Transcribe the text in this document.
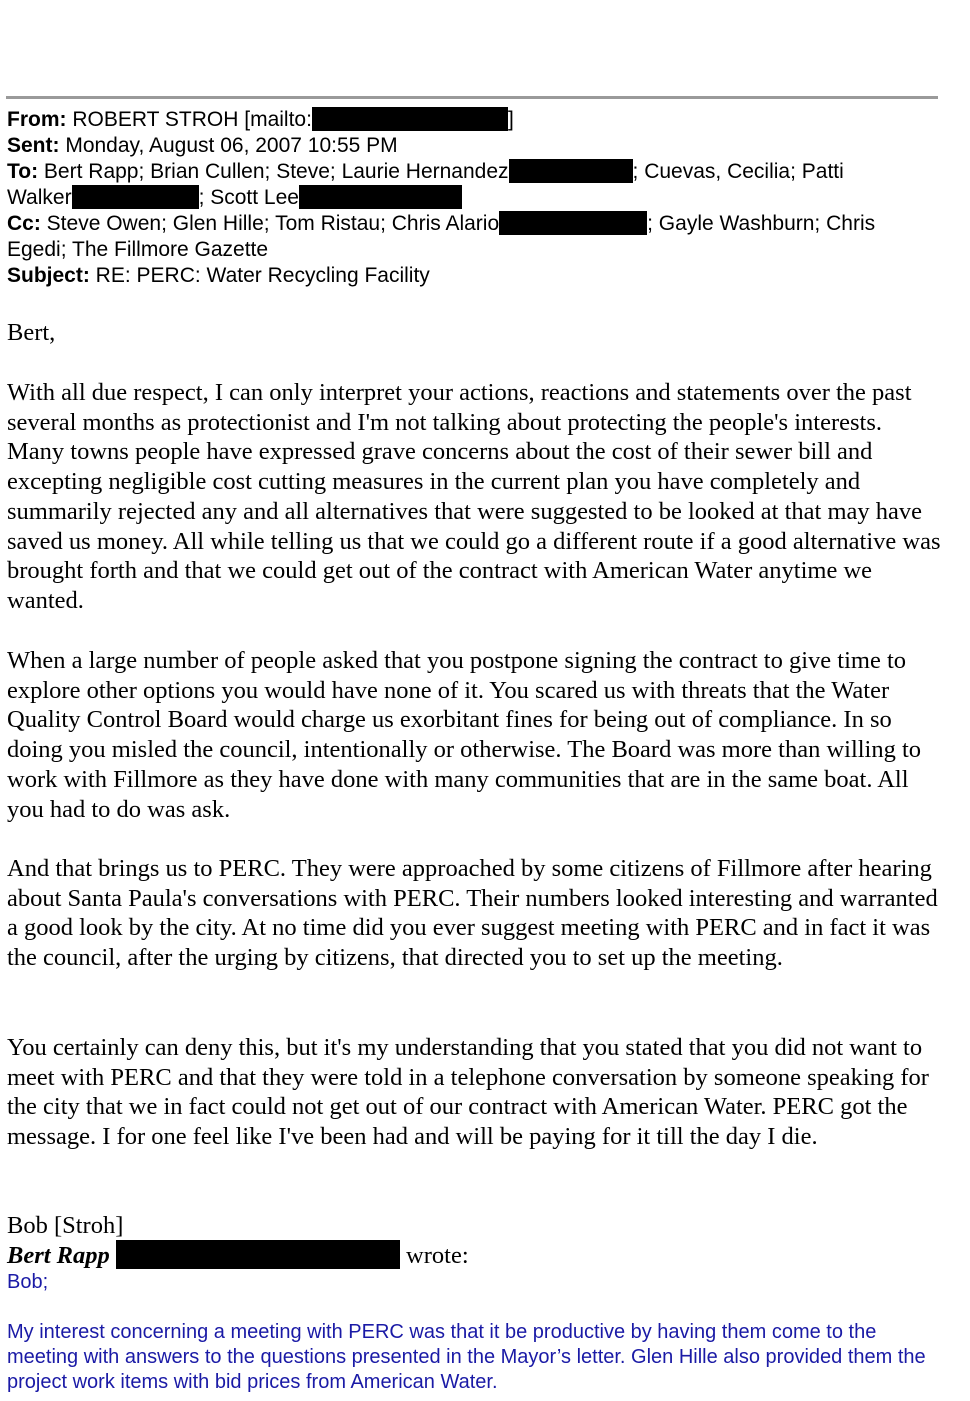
From: ROBERT STROH [mailto:	]
Sent: Monday, August 06, 2007 10:55 PM
To: Bert Rapp; Brian Cullen; Steve; Laurie Hernandez	; Cuevas, Cecilia; Patti
Walker	; Scott Lee
Cc: Steve Owen; Glen Hille; Tom Ristau; Chris Alario	; Gayle Washburn; Chris
Egedi; The Fillmore Gazette
Subject: RE: PERC: Water Recycling Facility

Bert,

With all due respect, I can only interpret your actions, reactions and statements over the past several months as protectionist and I'm not talking about protecting the people's interests. Many towns people have expressed grave concerns about the cost of their sewer bill and excepting negligible cost cutting measures in the current plan you have completely and summarily rejected any and all alternatives that were suggested to be looked at that may have saved us money. All while telling us that we could go a different route if a good alternative was brought forth and that we could get out of the contract with American Water anytime we wanted.

When a large number of people asked that you postpone signing the contract to give time to explore other options you would have none of it. You scared us with threats that the Water Quality Control Board would charge us exorbitant fines for being out of compliance. In so doing you misled the council, intentionally or otherwise. The Board was more than willing to work with Fillmore as they have done with many communities that are in the same boat. All you had to do was ask.

And that brings us to PERC. They were approached by some citizens of Fillmore after hearing about Santa Paula's conversations with PERC. Their numbers looked interesting and warranted a good look by the city. At no time did you ever suggest meeting with PERC and in fact it was the council, after the urging by citizens, that directed you to set up the meeting.

You certainly can deny this, but it's my understanding that you stated that you did not want to meet with PERC and that they were told in a telephone conversation by someone speaking for the city that we in fact could not get out of our contract with American Water. PERC got the message. I for one feel like I've been had and will be paying for it till the day I die.

Bob [Stroh]

Bert Rapp	wrote:
Bob;
My interest concerning a meeting with PERC was that it be productive by having them come to the meeting with answers to the questions presented in the Mayor’s letter. Glen Hille also provided them the project work items with bid prices from American Water.
